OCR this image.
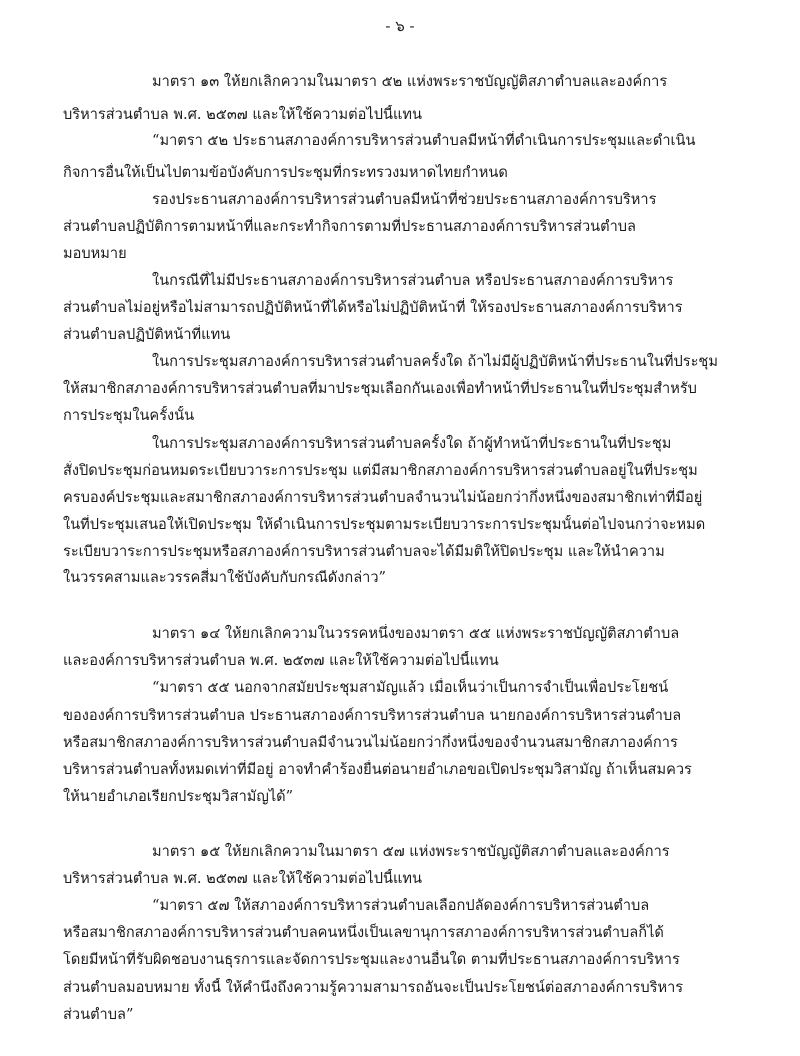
- ๖ -
มาตรา ๑๓ ให้ยกเลิกความในมาตรา ๕๒ แห่งพระราชบัญญัติสภาตำบลและองค์การ
บริหารส่วนตำบล พ.ศ. ๒๕๓๗ และให้ใช้ความต่อไปนี้แทน
“มาตรา ๕๒ ประธานสภาองค์การบริหารส่วนตำบลมีหน้าที่ดำเนินการประชุมและดำเนิน
กิจการอื่นให้เป็นไปตามข้อบังคับการประชุมที่กระทรวงมหาดไทยกำหนด
รองประธานสภาองค์การบริหารส่วนตำบลมีหน้าที่ช่วยประธานสภาองค์การบริหาร
ส่วนตำบลปฏิบัติการตามหน้าที่และกระทำกิจการตามที่ประธานสภาองค์การบริหารส่วนตำบล
มอบหมาย
ในกรณีที่ไม่มีประธานสภาองค์การบริหารส่วนตำบล หรือประธานสภาองค์การบริหาร
ส่วนตำบลไม่อยู่หรือไม่สามารถปฏิบัติหน้าที่ได้หรือไม่ปฏิบัติหน้าที่ ให้รองประธานสภาองค์การบริหาร
ส่วนตำบลปฏิบัติหน้าที่แทน
ในการประชุมสภาองค์การบริหารส่วนตำบลครั้งใด ถ้าไม่มีผู้ปฏิบัติหน้าที่ประธานในที่ประชุม
ให้สมาชิกสภาองค์การบริหารส่วนตำบลที่มาประชุมเลือกกันเองเพื่อทำหน้าที่ประธานในที่ประชุมสำหรับ
การประชุมในครั้งนั้น
ในการประชุมสภาองค์การบริหารส่วนตำบลครั้งใด ถ้าผู้ทำหน้าที่ประธานในที่ประชุม
สั่งปิดประชุมก่อนหมดระเบียบวาระการประชุม แต่มีสมาชิกสภาองค์การบริหารส่วนตำบลอยู่ในที่ประชุม
ครบองค์ประชุมและสมาชิกสภาองค์การบริหารส่วนตำบลจำนวนไม่น้อยกว่ากึ่งหนึ่งของสมาชิกเท่าที่มีอยู่
ในที่ประชุมเสนอให้เปิดประชุม ให้ดำเนินการประชุมตามระเบียบวาระการประชุมนั้นต่อไปจนกว่าจะหมด
ระเบียบวาระการประชุมหรือสภาองค์การบริหารส่วนตำบลจะได้มีมติให้ปิดประชุม และให้นำความ
ในวรรคสามและวรรคสี่มาใช้บังคับกับกรณีดังกล่าว”
มาตรา ๑๔ ให้ยกเลิกความในวรรคหนึ่งของมาตรา ๕๕ แห่งพระราชบัญญัติสภาตำบล
และองค์การบริหารส่วนตำบล พ.ศ. ๒๕๓๗ และให้ใช้ความต่อไปนี้แทน
“มาตรา ๕๕ นอกจากสมัยประชุมสามัญแล้ว เมื่อเห็นว่าเป็นการจำเป็นเพื่อประโยชน์
ขององค์การบริหารส่วนตำบล ประธานสภาองค์การบริหารส่วนตำบล นายกองค์การบริหารส่วนตำบล
หรือสมาชิกสภาองค์การบริหารส่วนตำบลมีจำนวนไม่น้อยกว่ากึ่งหนึ่งของจำนวนสมาชิกสภาองค์การ
บริหารส่วนตำบลทั้งหมดเท่าที่มีอยู่ อาจทำคำร้องยื่นต่อนายอำเภอขอเปิดประชุมวิสามัญ ถ้าเห็นสมควร
ให้นายอำเภอเรียกประชุมวิสามัญได้”
มาตรา ๑๕ ให้ยกเลิกความในมาตรา ๕๗ แห่งพระราชบัญญัติสภาตำบลและองค์การ
บริหารส่วนตำบล พ.ศ. ๒๕๓๗ และให้ใช้ความต่อไปนี้แทน
“มาตรา ๕๗ ให้สภาองค์การบริหารส่วนตำบลเลือกปลัดองค์การบริหารส่วนตำบล
หรือสมาชิกสภาองค์การบริหารส่วนตำบลคนหนึ่งเป็นเลขานุการสภาองค์การบริหารส่วนตำบลก็ได้
โดยมีหน้าที่รับผิดชอบงานธุรการและจัดการประชุมและงานอื่นใด ตามที่ประธานสภาองค์การบริหาร
ส่วนตำบลมอบหมาย ทั้งนี้ ให้คำนึงถึงความรู้ความสามารถอันจะเป็นประโยชน์ต่อสภาองค์การบริหาร
ส่วนตำบล”
